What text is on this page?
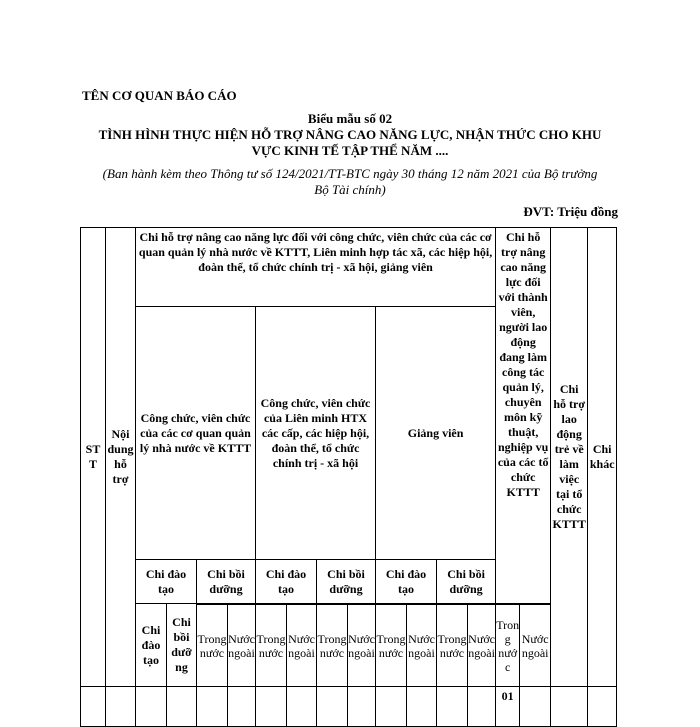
TÊN CƠ QUAN BÁO CÁO
Biểu mẫu số 02
TÌNH HÌNH THỰC HIỆN HỖ TRỢ NÂNG CAO NĂNG LỰC, NHẬN THỨC CHO KHU
VỰC KINH TẾ TẬP THỂ NĂM ....
(Ban hành kèm theo Thông tư số 124/2021/TT-BTC ngày 30 tháng 12 năm 2021 của Bộ trưởng
Bộ Tài chính)
ĐVT: Triệu đồng
STT	Nội dung hỗ trợ	Chi hỗ trợ nâng cao năng lực đối với công chức, viên chức của các cơ quan quản lý nhà nước về KTTT, Liên minh hợp tác xã, các hiệp hội, đoàn thể, tổ chức chính trị - xã hội, giảng viên												Chi hỗ trợ nâng cao năng lực đối với thành viên, người lao động đang làm công tác quản lý, chuyên môn kỹ thuật, nghiệp vụ của các tổ chức KTTT		Chi hỗ trợ lao động trẻ về làm việc tại tổ chức KTTT	Chi khác
		Công chức, viên chức của các cơ quan quản lý nhà nước về KTTT				Công chức, viên chức của Liên minh HTX các cấp, các hiệp hội, đoàn thể, tổ chức chính trị - xã hội				Giảng viên							
		Chi đào tạo		Chi bồi dưỡng		Chi đào tạo		Chi bồi dưỡng		Chi đào tạo		Chi bồi dưỡng					
		Chi đào tạo	Chi bồi dưỡng														
				Trong nước	Nước ngoài	Trong nước	Nước ngoài	Trong nước	Nước ngoài	Trong nước	Nước ngoài	Trong nước	Nước ngoài	Trong nước	Nước ngoài		
														01			
